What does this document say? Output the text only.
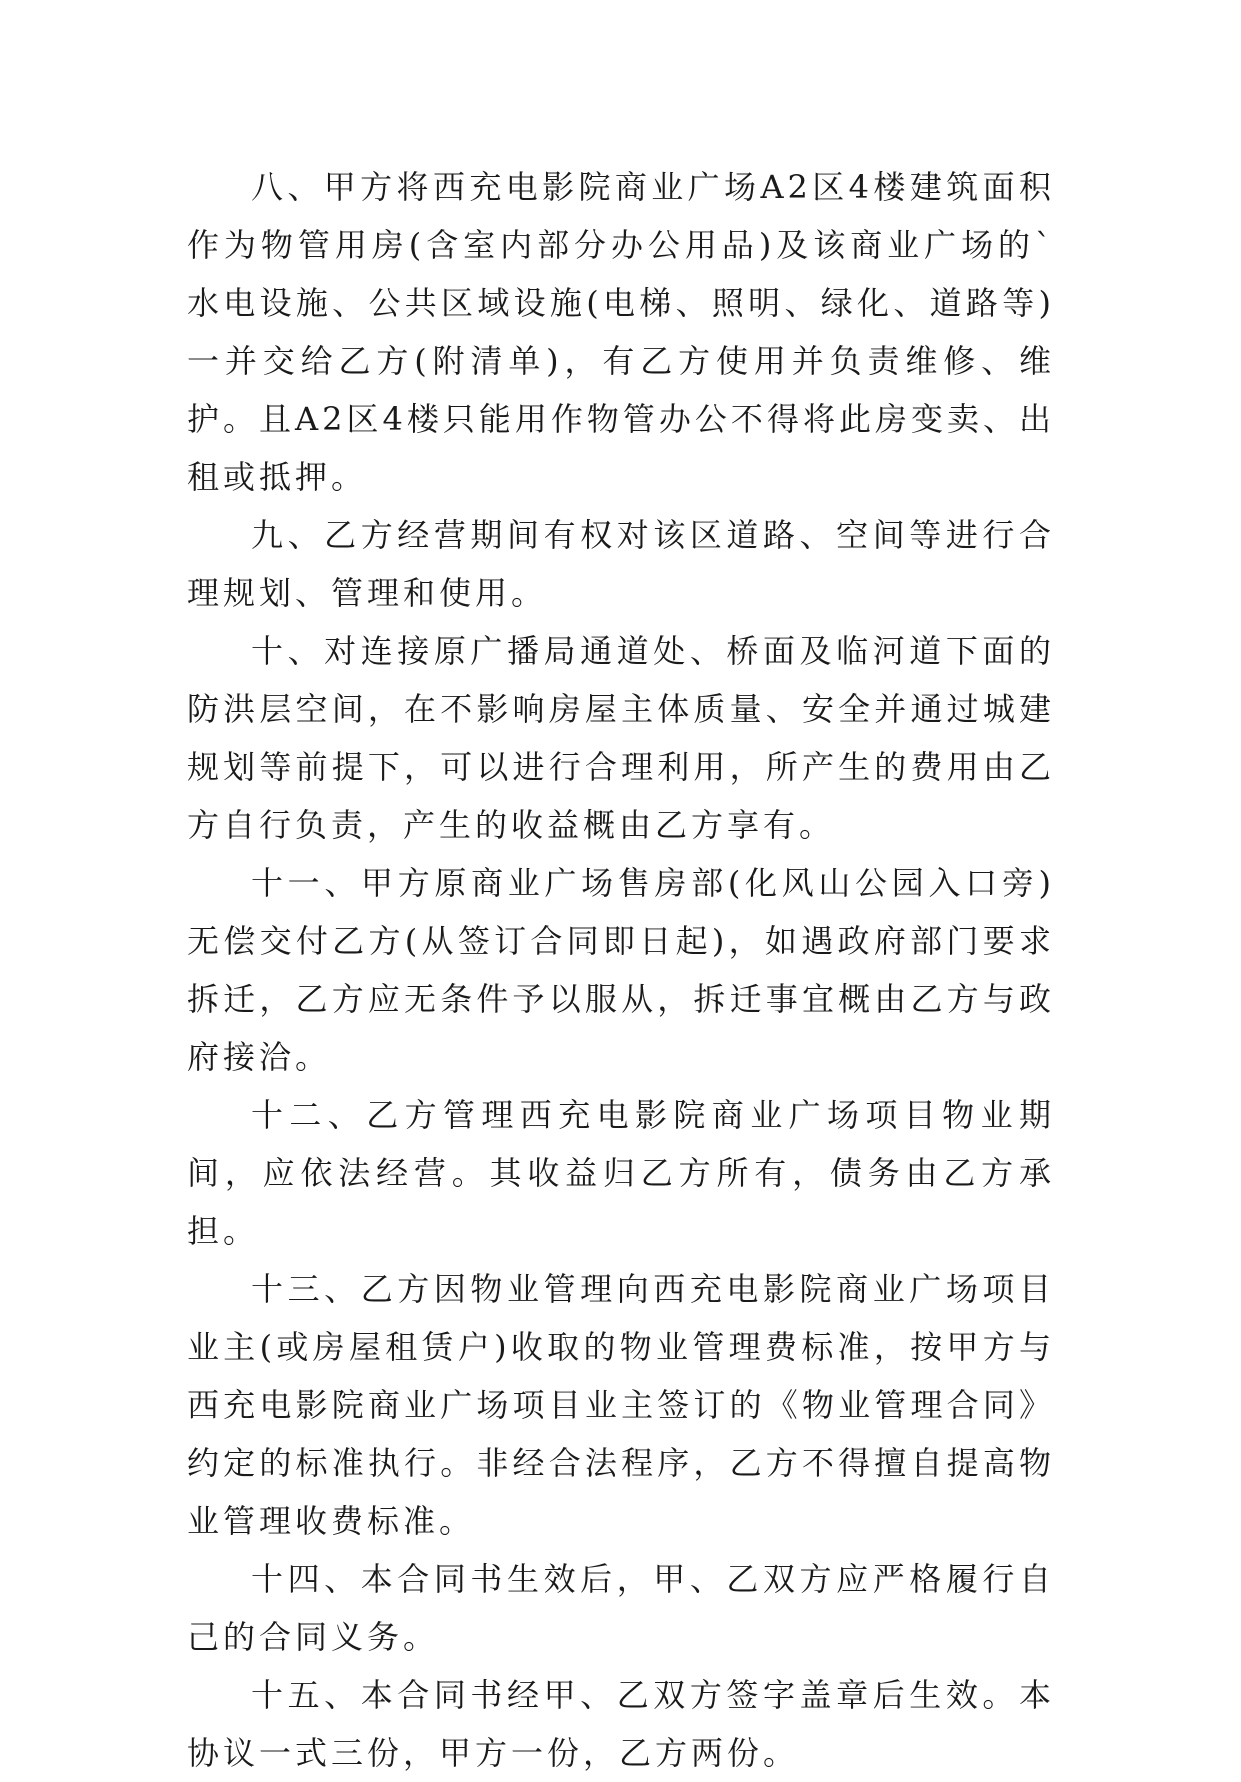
八、甲方将西充电影院商业广场A2区4楼建筑面积作为物管用房(含室内部分办公用品)及该商业广场的`水电设施、公共区域设施(电梯、照明、绿化、道路等)一并交给乙方(附清单)，有乙方使用并负责维修、维护。且A2区4楼只能用作物管办公不得将此房变卖、出租或抵押。

九、乙方经营期间有权对该区道路、空间等进行合理规划、管理和使用。

十、对连接原广播局通道处、桥面及临河道下面的防洪层空间，在不影响房屋主体质量、安全并通过城建规划等前提下，可以进行合理利用，所产生的费用由乙方自行负责，产生的收益概由乙方享有。

十一、甲方原商业广场售房部(化风山公园入口旁)无偿交付乙方(从签订合同即日起)，如遇政府部门要求拆迁，乙方应无条件予以服从，拆迁事宜概由乙方与政府接洽。

十二、乙方管理西充电影院商业广场项目物业期间，应依法经营。其收益归乙方所有，债务由乙方承担。

十三、乙方因物业管理向西充电影院商业广场项目业主(或房屋租赁户)收取的物业管理费标准，按甲方与西充电影院商业广场项目业主签订的《物业管理合同》约定的标准执行。非经合法程序，乙方不得擅自提高物业管理收费标准。

十四、本合同书生效后，甲、乙双方应严格履行自己的合同义务。

十五、本合同书经甲、乙双方签字盖章后生效。本协议一式三份，甲方一份，乙方两份。
